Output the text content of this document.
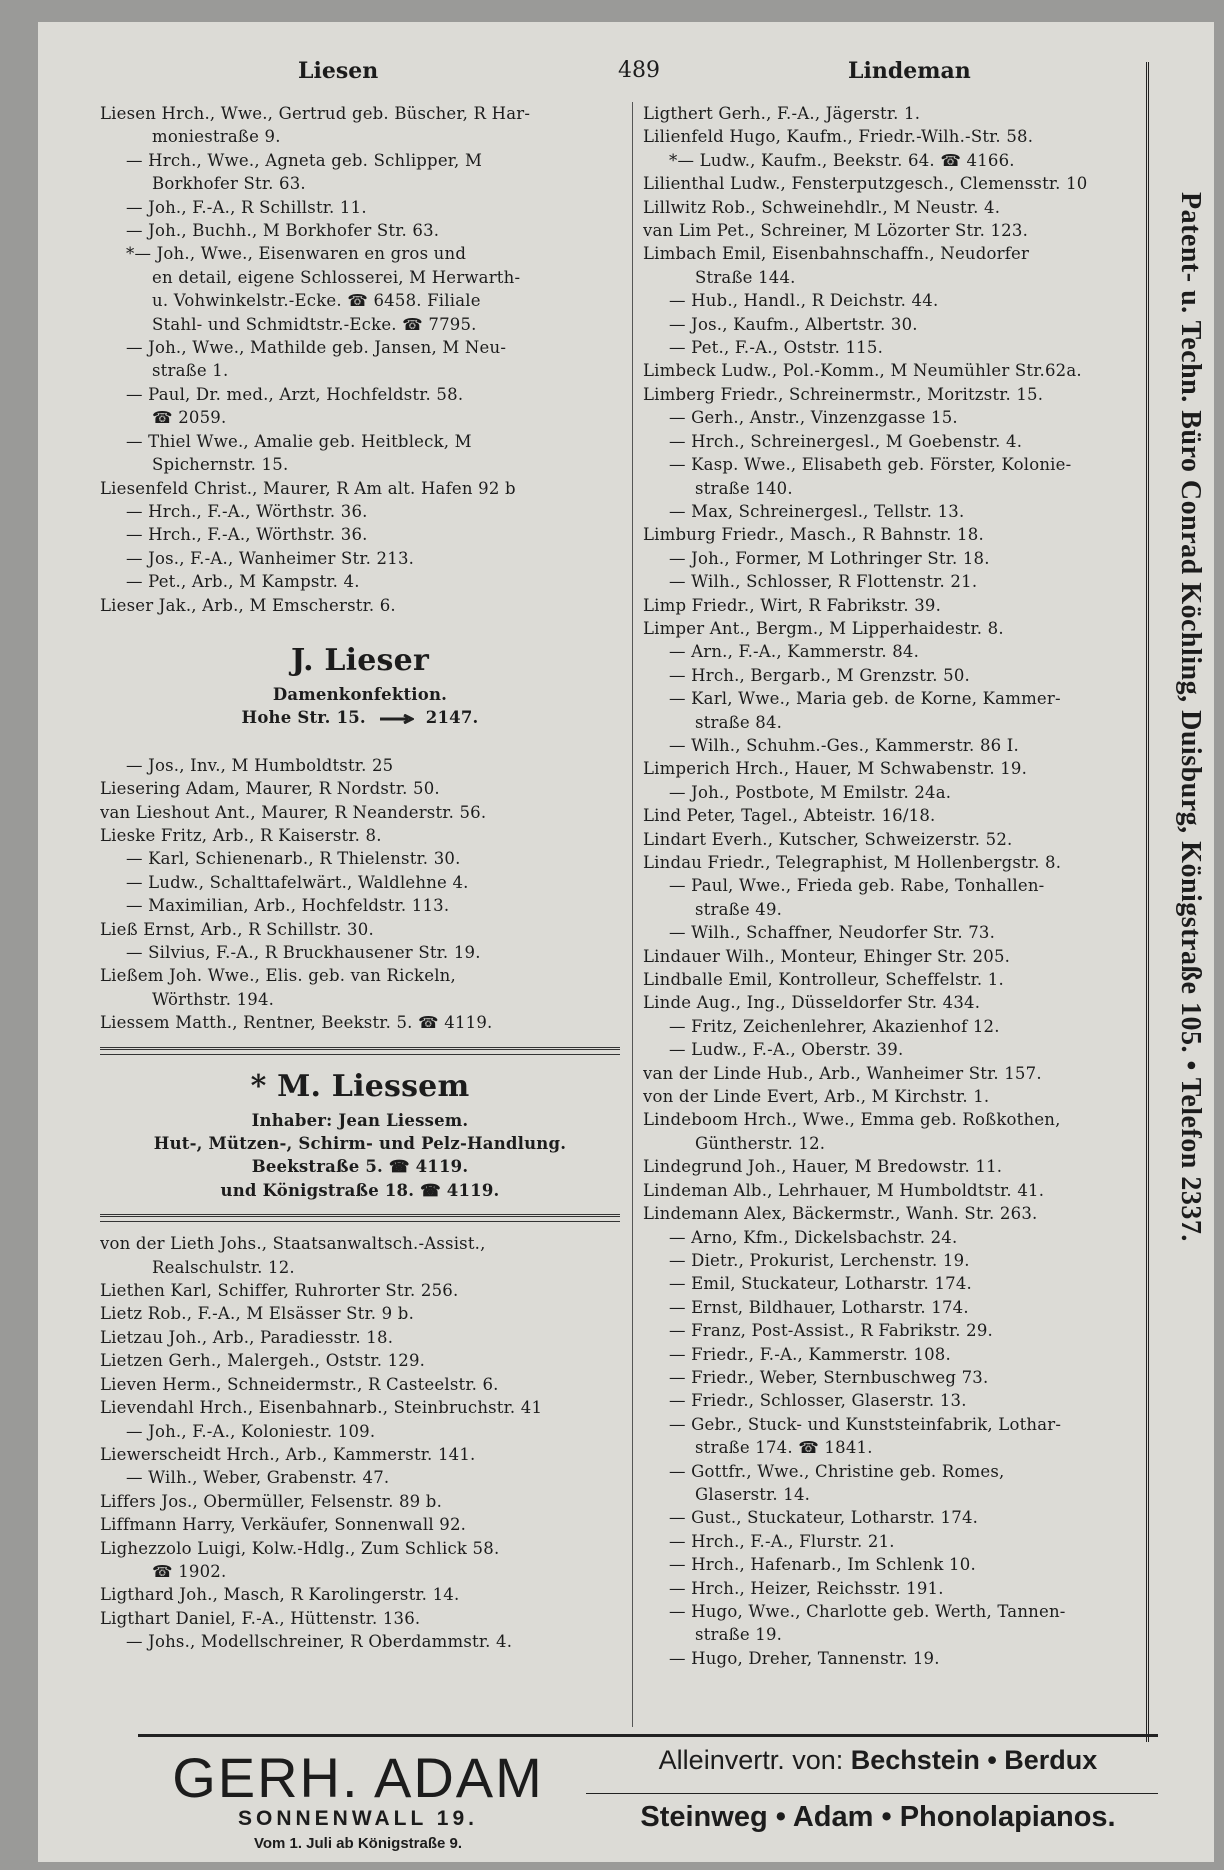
Liesen	489	Lindeman
Liesen Hrch., Wwe., Gertrud geb. Büscher, R Har-
moniestraße 9.
— Hrch., Wwe., Agneta geb. Schlipper, M
Borkhofer Str. 63.
— Joh., F.-A., R Schillstr. 11.
— Joh., Buchh., M Borkhofer Str. 63.
*— Joh., Wwe., Eisenwaren en gros und
en detail, eigene Schlosserei, M Herwarth-
u. Vohwinkelstr.-Ecke. ☎ 6458. Filiale
Stahl- und Schmidtstr.-Ecke. ☎ 7795.
— Joh., Wwe., Mathilde geb. Jansen, M Neu-
straße 1.
— Paul, Dr. med., Arzt, Hochfeldstr. 58.
☎ 2059.
— Thiel Wwe., Amalie geb. Heitbleck, M
Spichernstr. 15.
Liesenfeld Christ., Maurer, R Am alt. Hafen 92 b
— Hrch., F.-A., Wörthstr. 36.
— Hrch., F.-A., Wörthstr. 36.
— Jos., F.-A., Wanheimer Str. 213.
— Pet., Arb., M Kampstr. 4.
Lieser Jak., Arb., M Emscherstr. 6.
J. Lieser
Damenkonfektion.
Hohe Str. 15.	2147.
— Jos., Inv., M Humboldtstr. 25
Liesering Adam, Maurer, R Nordstr. 50.
van Lieshout Ant., Maurer, R Neanderstr. 56.
Lieske Fritz, Arb., R Kaiserstr. 8.
— Karl, Schienenarb., R Thielenstr. 30.
— Ludw., Schalttafelwärt., Waldlehne 4.
— Maximilian, Arb., Hochfeldstr. 113.
Ließ Ernst, Arb., R Schillstr. 30.
— Silvius, F.-A., R Bruckhausener Str. 19.
Ließem Joh. Wwe., Elis. geb. van Rickeln,
Wörthstr. 194.
Liessem Matth., Rentner, Beekstr. 5. ☎ 4119.
* M. Liessem
Inhaber: Jean Liessem.
Hut-, Mützen-, Schirm- und Pelz-Handlung.
Beekstraße 5. ☎ 4119.
und Königstraße 18. ☎ 4119.
von der Lieth Johs., Staatsanwaltsch.-Assist.,
Realschulstr. 12.
Liethen Karl, Schiffer, Ruhrorter Str. 256.
Lietz Rob., F.-A., M Elsässer Str. 9 b.
Lietzau Joh., Arb., Paradiesstr. 18.
Lietzen Gerh., Malergeh., Oststr. 129.
Lieven Herm., Schneidermstr., R Casteelstr. 6.
Lievendahl Hrch., Eisenbahnarb., Steinbruchstr. 41
— Joh., F.-A., Koloniestr. 109.
Liewerscheidt Hrch., Arb., Kammerstr. 141.
— Wilh., Weber, Grabenstr. 47.
Liffers Jos., Obermüller, Felsenstr. 89 b.
Liffmann Harry, Verkäufer, Sonnenwall 92.
Lighezzolo Luigi, Kolw.-Hdlg., Zum Schlick 58.
☎ 1902.
Ligthard Joh., Masch, R Karolingerstr. 14.
Ligthart Daniel, F.-A., Hüttenstr. 136.
— Johs., Modellschreiner, R Oberdammstr. 4.
Ligthert Gerh., F.-A., Jägerstr. 1.
Lilienfeld Hugo, Kaufm., Friedr.-Wilh.-Str. 58.
*— Ludw., Kaufm., Beekstr. 64. ☎ 4166.
Lilienthal Ludw., Fensterputzgesch., Clemensstr. 10
Lillwitz Rob., Schweinehdlr., M Neustr. 4.
van Lim Pet., Schreiner, M Lözorter Str. 123.
Limbach Emil, Eisenbahnschaffn., Neudorfer
Straße 144.
— Hub., Handl., R Deichstr. 44.
— Jos., Kaufm., Albertstr. 30.
— Pet., F.-A., Oststr. 115.
Limbeck Ludw., Pol.-Komm., M Neumühler Str.62a.
Limberg Friedr., Schreinermstr., Moritzstr. 15.
— Gerh., Anstr., Vinzenzgasse 15.
— Hrch., Schreinergesl., M Goebenstr. 4.
— Kasp. Wwe., Elisabeth geb. Förster, Kolonie-
straße 140.
— Max, Schreinergesl., Tellstr. 13.
Limburg Friedr., Masch., R Bahnstr. 18.
— Joh., Former, M Lothringer Str. 18.
— Wilh., Schlosser, R Flottenstr. 21.
Limp Friedr., Wirt, R Fabrikstr. 39.
Limper Ant., Bergm., M Lipperhaidestr. 8.
— Arn., F.-A., Kammerstr. 84.
— Hrch., Bergarb., M Grenzstr. 50.
— Karl, Wwe., Maria geb. de Korne, Kammer-
straße 84.
— Wilh., Schuhm.-Ges., Kammerstr. 86 I.
Limperich Hrch., Hauer, M Schwabenstr. 19.
— Joh., Postbote, M Emilstr. 24a.
Lind Peter, Tagel., Abteistr. 16/18.
Lindart Everh., Kutscher, Schweizerstr. 52.
Lindau Friedr., Telegraphist, M Hollenbergstr. 8.
— Paul, Wwe., Frieda geb. Rabe, Tonhallen-
straße 49.
— Wilh., Schaffner, Neudorfer Str. 73.
Lindauer Wilh., Monteur, Ehinger Str. 205.
Lindballe Emil, Kontrolleur, Scheffelstr. 1.
Linde Aug., Ing., Düsseldorfer Str. 434.
— Fritz, Zeichenlehrer, Akazienhof 12.
— Ludw., F.-A., Oberstr. 39.
van der Linde Hub., Arb., Wanheimer Str. 157.
von der Linde Evert, Arb., M Kirchstr. 1.
Lindeboom Hrch., Wwe., Emma geb. Roßkothen,
Güntherstr. 12.
Lindegrund Joh., Hauer, M Bredowstr. 11.
Lindeman Alb., Lehrhauer, M Humboldtstr. 41.
Lindemann Alex, Bäckermstr., Wanh. Str. 263.
— Arno, Kfm., Dickelsbachstr. 24.
— Dietr., Prokurist, Lerchenstr. 19.
— Emil, Stuckateur, Lotharstr. 174.
— Ernst, Bildhauer, Lotharstr. 174.
— Franz, Post-Assist., R Fabrikstr. 29.
— Friedr., F.-A., Kammerstr. 108.
— Friedr., Weber, Sternbuschweg 73.
— Friedr., Schlosser, Glaserstr. 13.
— Gebr., Stuck- und Kunststeinfabrik, Lothar-
straße 174. ☎ 1841.
— Gottfr., Wwe., Christine geb. Romes,
Glaserstr. 14.
— Gust., Stuckateur, Lotharstr. 174.
— Hrch., F.-A., Flurstr. 21.
— Hrch., Hafenarb., Im Schlenk 10.
— Hrch., Heizer, Reichsstr. 191.
— Hugo, Wwe., Charlotte geb. Werth, Tannen-
straße 19.
— Hugo, Dreher, Tannenstr. 19.
Patent- u. Techn. Büro Conrad Köchling, Duisburg, Königstraße 105. • Telefon 2337.
GERH. ADAM
SONNENWALL 19.
Vom 1. Juli ab Königstraße 9.
Alleinvertr. von: Bechstein • Berdux
Steinweg • Adam • Phonolapianos.
